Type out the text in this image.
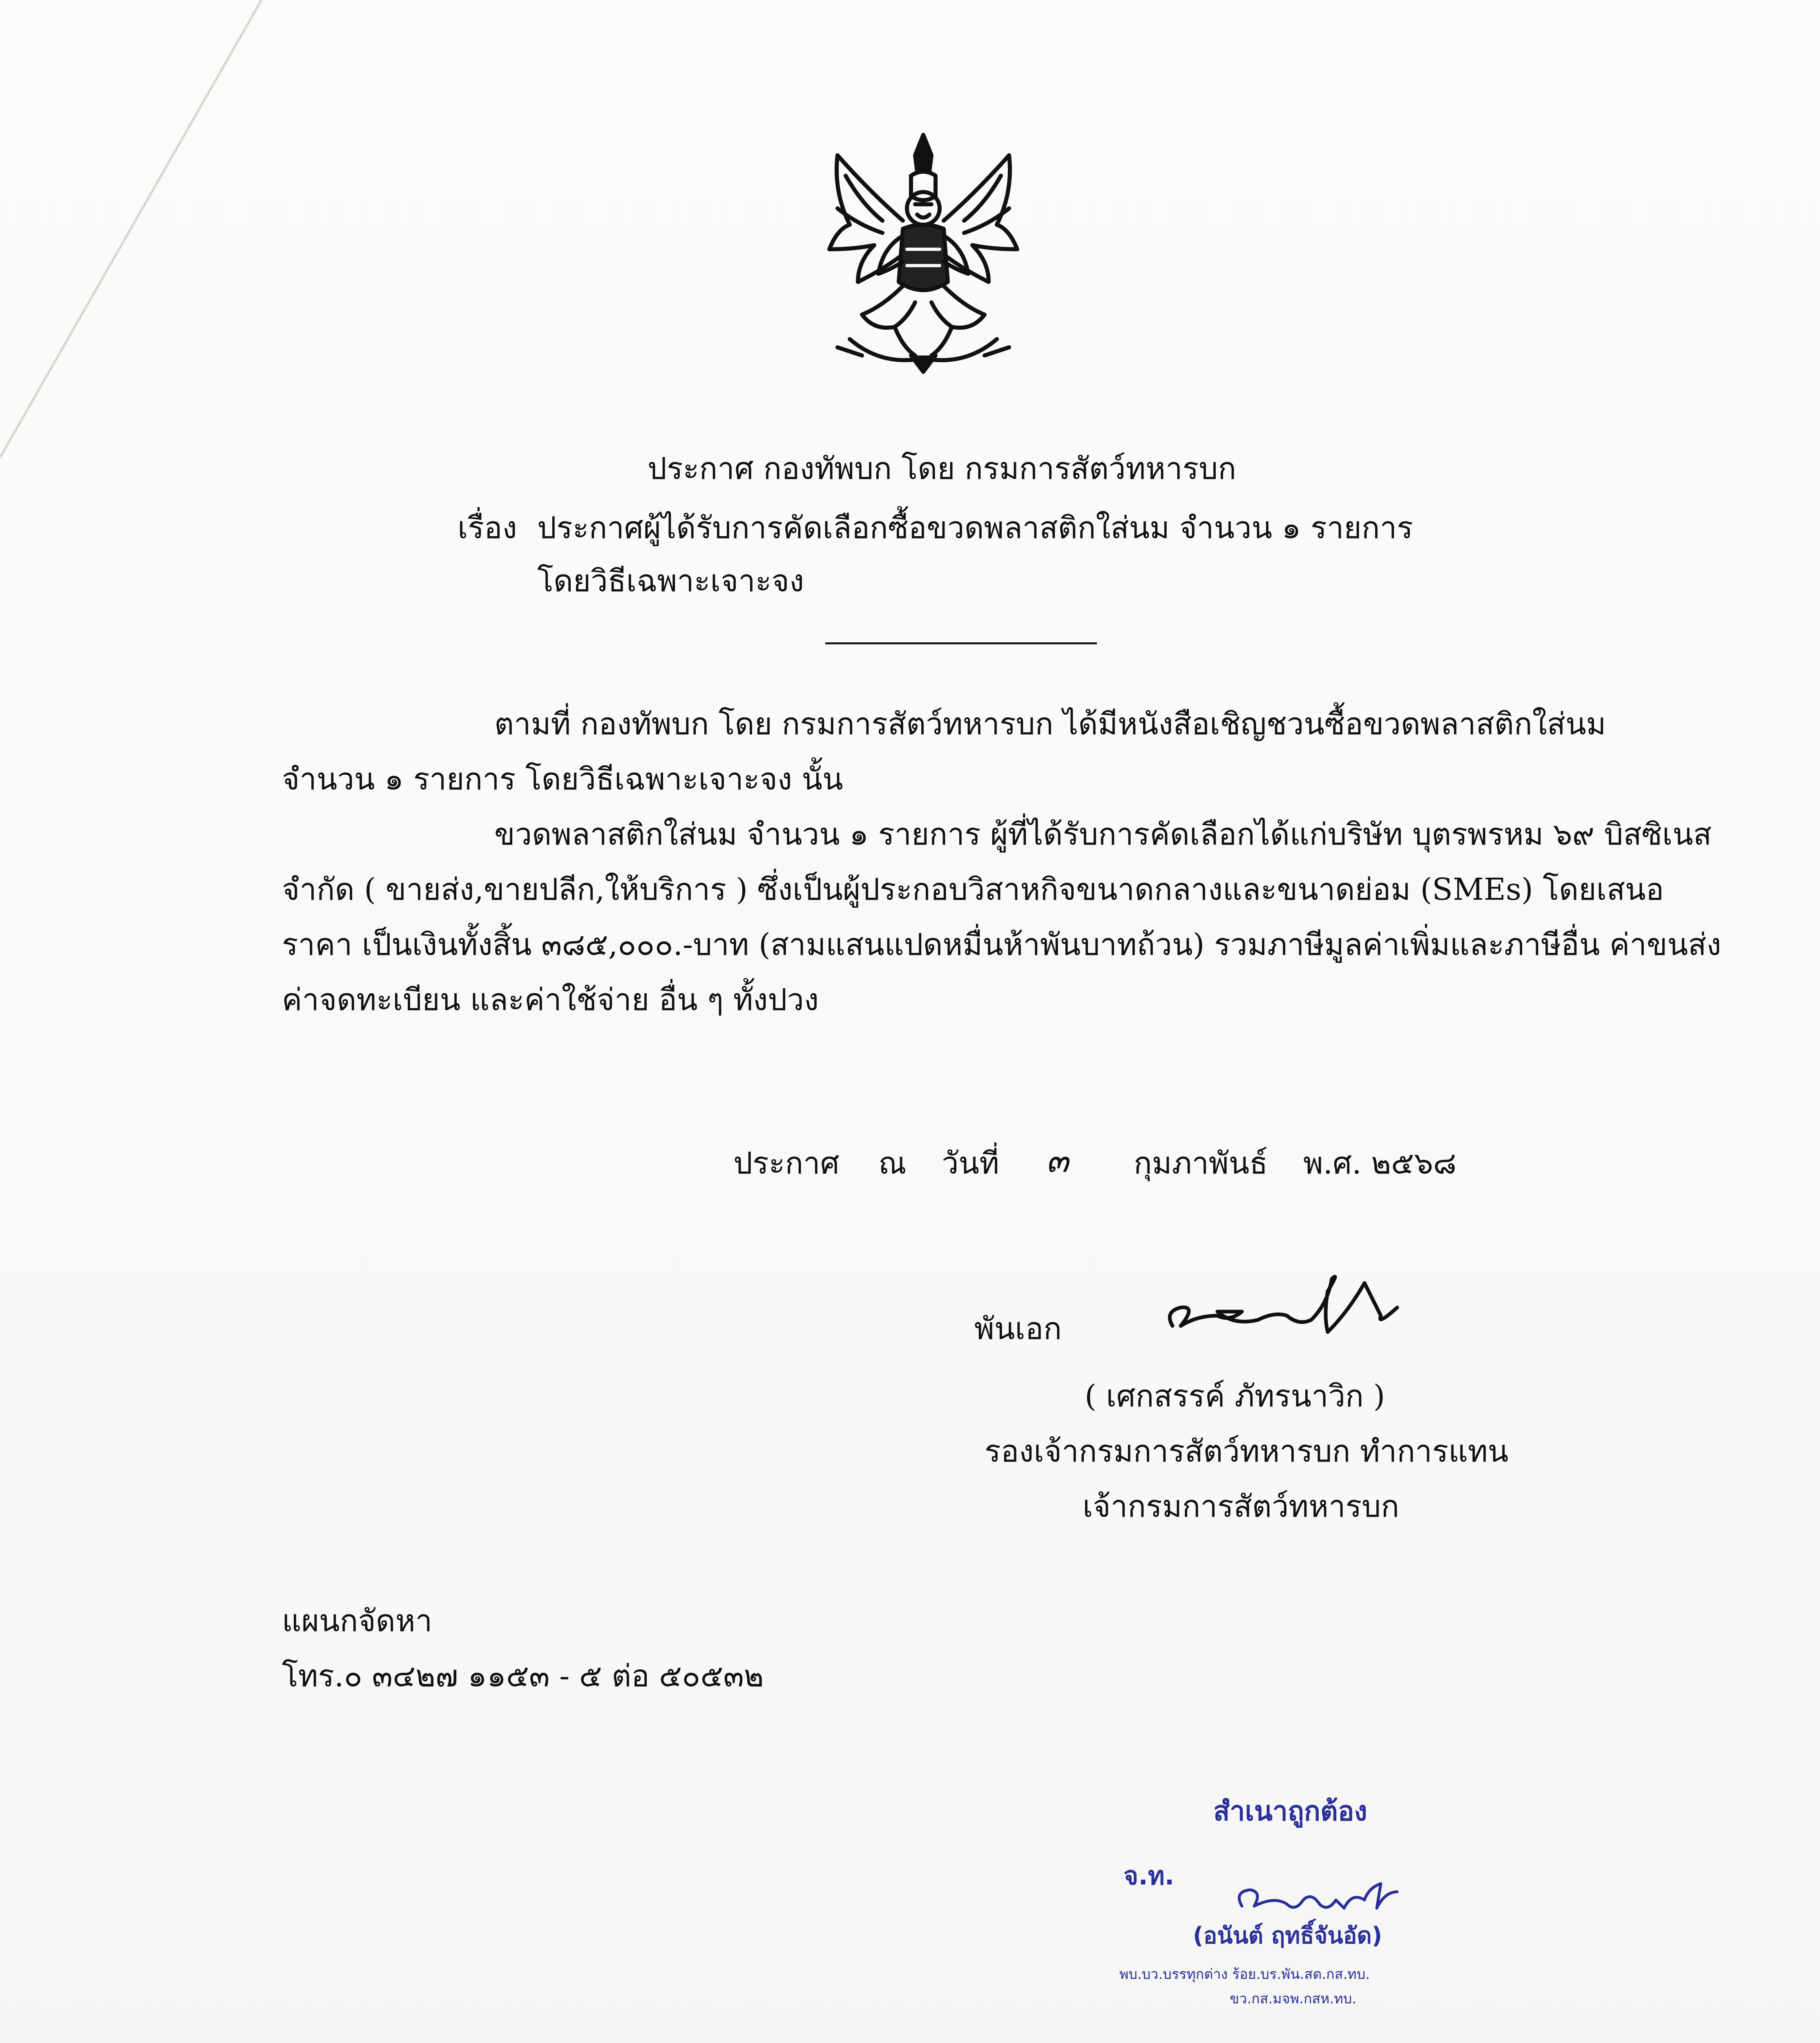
ประกาศ กองทัพบก โดย กรมการสัตว์ทหารบก
เรื่อง ประกาศผู้ได้รับการคัดเลือกซื้อขวดพลาสติกใส่นม จำนวน ๑ รายการ
โดยวิธีเฉพาะเจาะจง
ตามที่ กองทัพบก โดย กรมการสัตว์ทหารบก ได้มีหนังสือเชิญชวนซื้อขวดพลาสติกใส่นม
จำนวน ๑ รายการ โดยวิธีเฉพาะเจาะจง นั้น
ขวดพลาสติกใส่นม จำนวน ๑ รายการ ผู้ที่ได้รับการคัดเลือกได้แก่บริษัท บุตรพรหม ๖๙ บิสซิเนส
จำกัด ( ขายส่ง,ขายปลีก,ให้บริการ ) ซึ่งเป็นผู้ประกอบวิสาหกิจขนาดกลางและขนาดย่อม (SMEs) โดยเสนอ
ราคา เป็นเงินทั้งสิ้น ๓๘๕,๐๐๐.-บาท (สามแสนแปดหมื่นห้าพันบาทถ้วน) รวมภาษีมูลค่าเพิ่มและภาษีอื่น ค่าขนส่ง
ค่าจดทะเบียน และค่าใช้จ่าย อื่น ๆ ทั้งปวง
ประกาศ ณ วันที่ ๓ กุมภาพันธ์ พ.ศ. ๒๕๖๘
พันเอก
( เศกสรรค์ ภัทรนาวิก )
รองเจ้ากรมการสัตว์ทหารบก ทำการแทน
เจ้ากรมการสัตว์ทหารบก
แผนกจัดหา
โทร.๐ ๓๔๒๗ ๑๑๕๓ - ๕ ต่อ ๕๐๕๓๒
สำเนาถูกต้อง
จ.ท.
(อนันต์ ฤทธิ์จันอัด)
พบ.บว.บรรทุกต่าง ร้อย.บร.พัน.สต.กส.ทบ.
ขว.กส.มจพ.กสห.ทบ.
